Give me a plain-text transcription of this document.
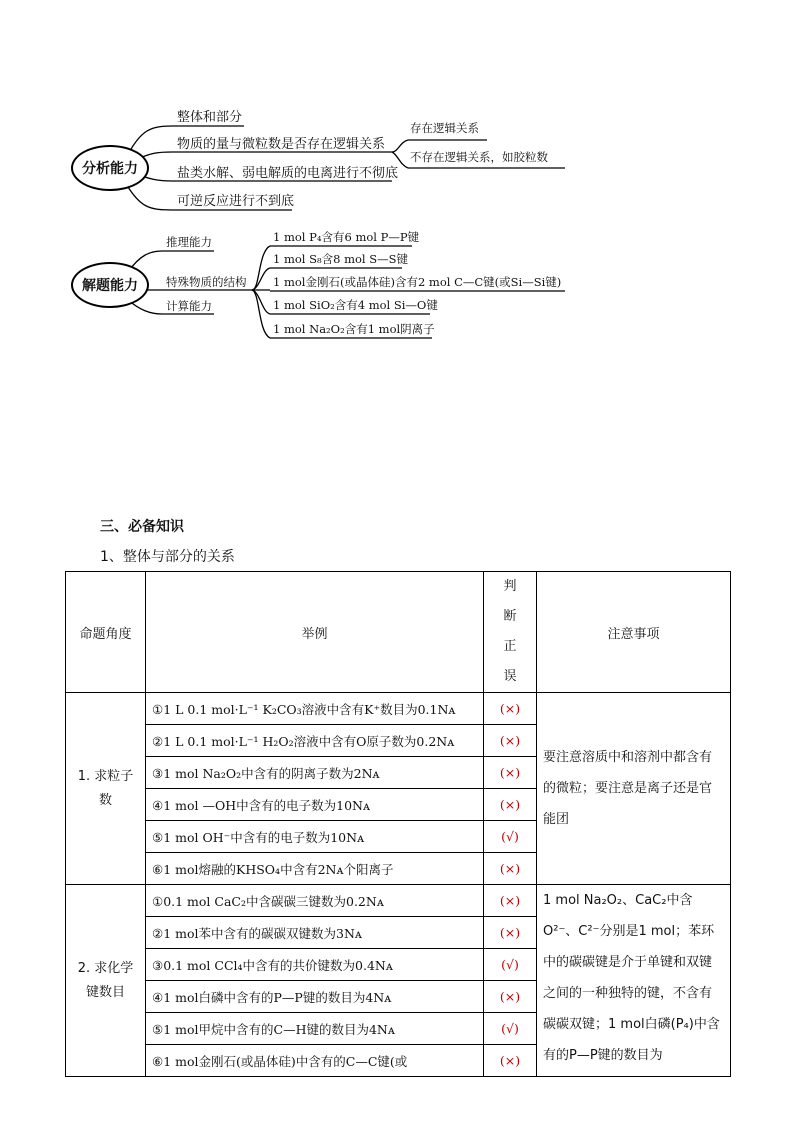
分析能力
整体和部分
物质的量与微粒数是否存在逻辑关系
盐类水解、弱电解质的电离进行不彻底
可逆反应进行不到底
存在逻辑关系
不存在逻辑关系，如胶粒数
解题能力
推理能力
特殊物质的结构
计算能力
1 mol P₄含有6 mol P—P键
1 mol S₈含8 mol S—S键
1 mol金刚石(或晶体硅)含有2 mol C—C键(或Si—Si键)
1 mol SiO₂含有4 mol Si—O键
1 mol Na₂O₂含有1 mol阴离子
三、必备知识
1、整体与部分的关系
命题角度	举例	判断正误	注意事项
1. 求粒子数	①1 L 0.1 mol·L⁻¹ K₂CO₃溶液中含有K⁺数目为0.1Nᴀ	(×)	要注意溶质中和溶剂中都含有的微粒；要注意是离子还是官能团
	②1 L 0.1 mol·L⁻¹ H₂O₂溶液中含有O原子数为0.2Nᴀ	(×)	
	③1 mol Na₂O₂中含有的阴离子数为2Nᴀ	(×)	
	④1 mol —OH中含有的电子数为10Nᴀ	(×)	
	⑤1 mol OH⁻中含有的电子数为10Nᴀ	(√)	
	⑥1 mol熔融的KHSO₄中含有2Nᴀ个阳离子	(×)	
2. 求化学键数目	①0.1 mol CaC₂中含碳碳三键数为0.2Nᴀ	(×)	1 mol Na₂O₂、CaC₂中含O²⁻、C²⁻分别是1 mol；苯环中的碳碳键是介于单键和双键之间的一种独特的键，不含有碳碳双键；1 mol白磷(P₄)中含有的P—P键的数目为
	②1 mol苯中含有的碳碳双键数为3Nᴀ	(×)	
	③0.1 mol CCl₄中含有的共价键数为0.4Nᴀ	(√)	
	④1 mol白磷中含有的P—P键的数目为4Nᴀ	(×)	
	⑤1 mol甲烷中含有的C—H键的数目为4Nᴀ	(√)	
	⑥1 mol金刚石(或晶体硅)中含有的C—C键(或	(×)	
